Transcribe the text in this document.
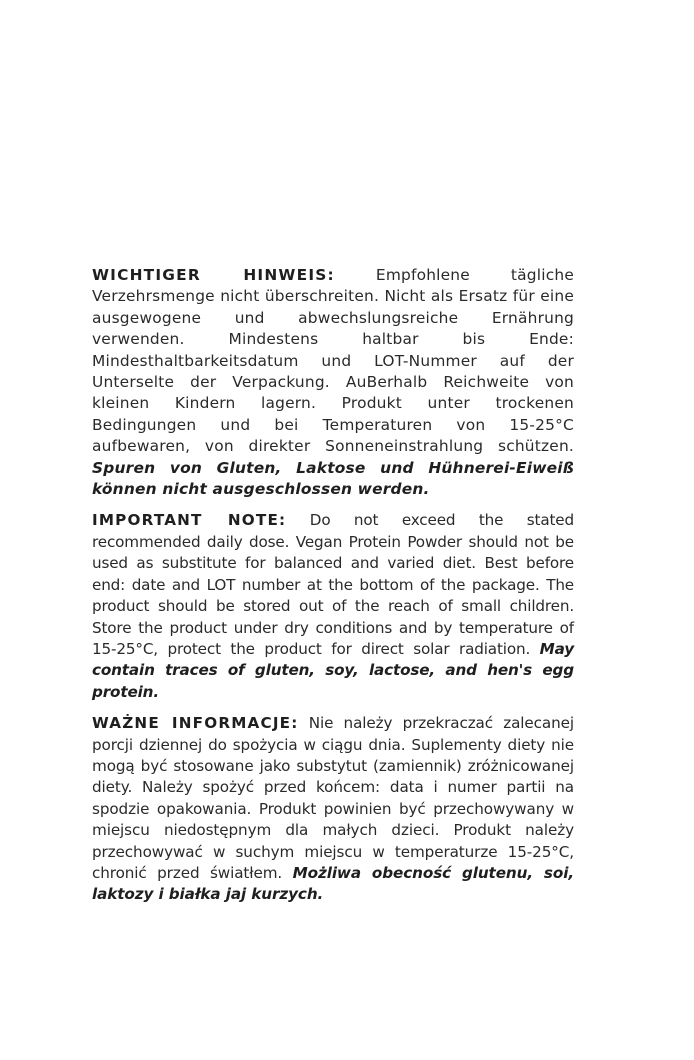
WICHTIGER HINWEIS: Empfohlene tägliche Verzehrsmenge nicht überschreiten. Nicht als Ersatz für eine ausgewogene und abwechslungsreiche Ernährung verwenden. Mindestens haltbar bis Ende: Mindesthaltbarkeitsdatum und LOT-Nummer auf der Unterselte der Verpackung. AuBerhalb Reichweite von kleinen Kindern lagern. Produkt unter trockenen Bedingungen und bei Temperaturen von 15-25°C aufbewaren, von direkter Sonneneinstrahlung schützen. Spuren von Gluten, Laktose und Hühnerei-Eiweiß können nicht ausgeschlossen werden.

IMPORTANT NOTE: Do not exceed the stated recommended daily dose. Vegan Protein Powder should not be used as substitute for balanced and varied diet. Best before end: date and LOT number at the bottom of the package. The product should be stored out of the reach of small children. Store the product under dry conditions and by temperature of 15-25°C, protect the product for direct solar radiation. May contain traces of gluten, soy, lactose, and hen's egg protein.

WAŻNE INFORMACJE: Nie należy przekraczać zalecanej porcji dziennej do spożycia w ciągu dnia. Suplementy diety nie mogą być stosowane jako substytut (zamiennik) zróżnicowanej diety. Należy spożyć przed końcem: data i numer partii na spodzie opakowania. Produkt powinien być przechowywany w miejscu niedostępnym dla małych dzieci. Produkt należy przechowywać w suchym miejscu w temperaturze 15-25°C, chronić przed światłem. Możliwa obecność glutenu, soi, laktozy i białka jaj kurzych.
